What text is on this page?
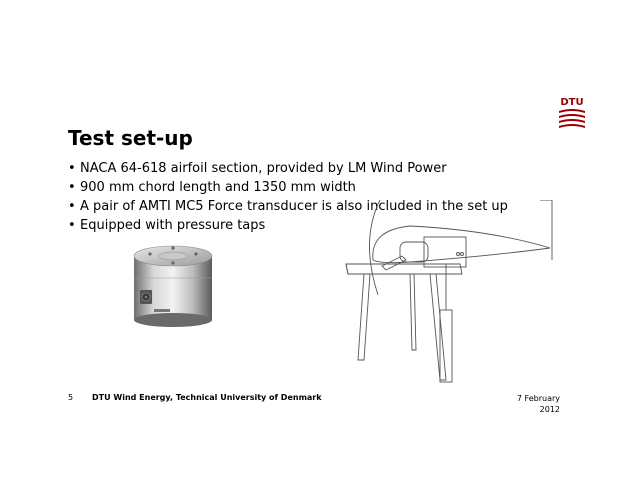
DTU
Test set-up
• NACA 64-618 airfoil section, provided by LM Wind Power
• 900 mm chord length and 1350 mm width
• A pair of AMTI MC5 Force transducer is also included in the set up
• Equipped with pressure taps
5 DTU Wind Energy, Technical University of Denmark	7 February
2012
